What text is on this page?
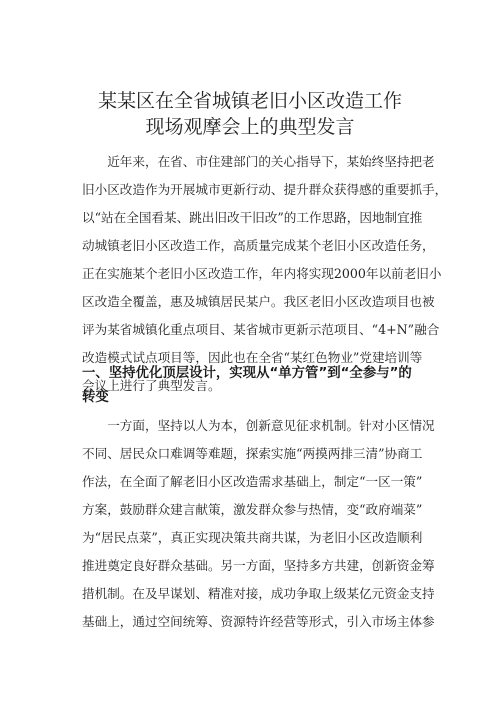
某某区在全省城镇老旧小区改造工作
现场观摩会上的典型发言
近年来，在省、市住建部门的关心指导下，某始终坚持把老
旧小区改造作为开展城市更新行动、提升群众获得感的重要抓手，
以“站在全国看某、跳出旧改干旧改”的工作思路，因地制宜推
动城镇老旧小区改造工作，高质量完成某个老旧小区改造任务，
正在实施某个老旧小区改造工作，年内将实现2000年以前老旧小
区改造全覆盖，惠及城镇居民某户。我区老旧小区改造项目也被
评为某省城镇化重点项目、某省城市更新示范项目、“4+N”融合
改造模式试点项目等，因此也在全省“某红色物业”党建培训等
会议上进行了典型发言。
一、坚持优化顶层设计，实现从“单方管”到“全参与”的
转变
一方面，坚持以人为本，创新意见征求机制。针对小区情况
不同、居民众口难调等难题，探索实施“两摸两排三清”协商工
作法，在全面了解老旧小区改造需求基础上，制定“一区一策”
方案，鼓励群众建言献策，激发群众参与热情，变“政府端菜”
为“居民点菜”，真正实现决策共商共谋，为老旧小区改造顺利
推进奠定良好群众基础。另一方面，坚持多方共建，创新资金筹
措机制。在及早谋划、精准对接，成功争取上级某亿元资金支持
基础上，通过空间统筹、资源特许经营等形式，引入市场主体参
